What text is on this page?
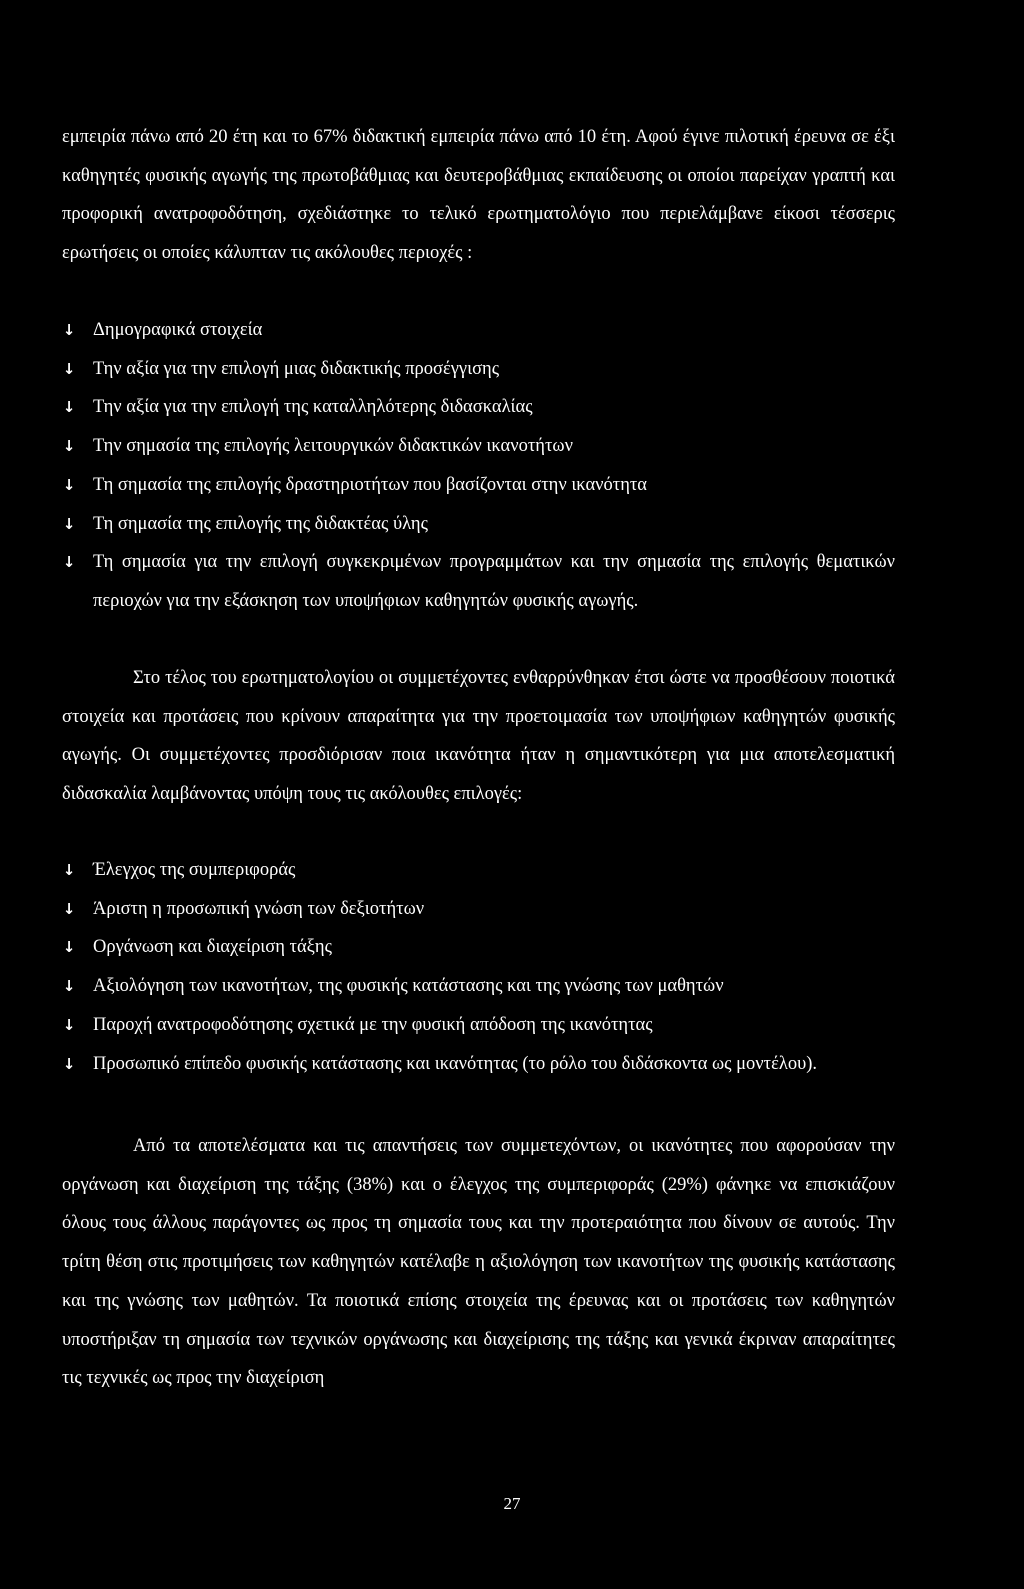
εμπειρία πάνω από 20 έτη και το 67% διδακτική εμπειρία πάνω από 10 έτη. Αφού έγινε πιλοτική έρευνα σε έξι καθηγητές φυσικής αγωγής της πρωτοβάθμιας και δευτεροβάθμιας εκπαίδευσης οι οποίοι παρείχαν γραπτή και προφορική ανατροφοδότηση, σχεδιάστηκε το τελικό ερωτηματολόγιο που περιελάμβανε είκοσι τέσσερις ερωτήσεις οι οποίες κάλυπταν τις ακόλουθες περιοχές :

↓ Δημογραφικά στοιχεία
↓ Την αξία για την επιλογή μιας διδακτικής προσέγγισης
↓ Την αξία για την επιλογή της καταλληλότερης διδασκαλίας
↓ Την σημασία της επιλογής λειτουργικών διδακτικών ικανοτήτων
↓ Τη σημασία της επιλογής δραστηριοτήτων που βασίζονται στην ικανότητα
↓ Τη σημασία της επιλογής της διδακτέας ύλης
↓ Τη σημασία για την επιλογή συγκεκριμένων προγραμμάτων και την σημασία της επιλογής θεματικών περιοχών για την εξάσκηση των υποψήφιων καθηγητών φυσικής αγωγής.

Στο τέλος του ερωτηματολογίου οι συμμετέχοντες ενθαρρύνθηκαν έτσι ώστε να προσθέσουν ποιοτικά στοιχεία και προτάσεις που κρίνουν απαραίτητα για την προετοιμασία των υποψήφιων καθηγητών φυσικής αγωγής. Οι συμμετέχοντες προσδιόρισαν ποια ικανότητα ήταν η σημαντικότερη για μια αποτελεσματική διδασκαλία λαμβάνοντας υπόψη τους τις ακόλουθες επιλογές:

↓ Έλεγχος της συμπεριφοράς
↓ Άριστη η προσωπική γνώση των δεξιοτήτων
↓ Οργάνωση και διαχείριση τάξης
↓ Αξιολόγηση των ικανοτήτων, της φυσικής κατάστασης και της γνώσης των μαθητών
↓ Παροχή ανατροφοδότησης σχετικά με την φυσική απόδοση της ικανότητας
↓ Προσωπικό επίπεδο φυσικής κατάστασης και ικανότητας (το ρόλο του διδάσκοντα ως μοντέλου).

Από τα αποτελέσματα και τις απαντήσεις των συμμετεχόντων, οι ικανότητες που αφορούσαν την οργάνωση και διαχείριση της τάξης (38%) και ο έλεγχος της συμπεριφοράς (29%) φάνηκε να επισκιάζουν όλους τους άλλους παράγοντες ως προς τη σημασία τους και την προτεραιότητα που δίνουν σε αυτούς. Την τρίτη θέση στις προτιμήσεις των καθηγητών κατέλαβε η αξιολόγηση των ικανοτήτων της φυσικής κατάστασης και της γνώσης των μαθητών. Τα ποιοτικά επίσης στοιχεία της έρευνας και οι προτάσεις των καθηγητών υποστήριξαν τη σημασία των τεχνικών οργάνωσης και διαχείρισης της τάξης και γενικά έκριναν απαραίτητες τις τεχνικές ως προς την διαχείριση

27
